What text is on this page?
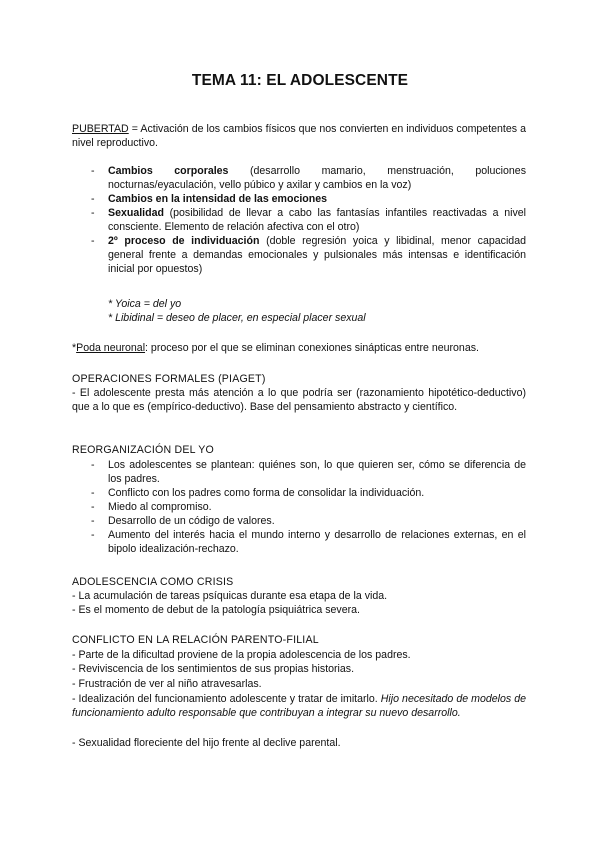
TEMA 11: EL ADOLESCENTE

PUBERTAD = Activación de los cambios físicos que nos convierten en individuos competentes a nivel reproductivo.

- Cambios corporales (desarrollo mamario, menstruación, poluciones nocturnas/eyaculación, vello púbico y axilar y cambios en la voz)
- Cambios en la intensidad de las emociones
- Sexualidad (posibilidad de llevar a cabo las fantasías infantiles reactivadas a nivel consciente. Elemento de relación afectiva con el otro)
- 2º proceso de individuación (doble regresión yoica y libidinal, menor capacidad general frente a demandas emocionales y pulsionales más intensas e identificación inicial por opuestos)
* Yoica = del yo
* Libidinal = deseo de placer, en especial placer sexual
*Poda neuronal: proceso por el que se eliminan conexiones sinápticas entre neuronas.
OPERACIONES FORMALES (PIAGET)

- El adolescente presta más atención a lo que podría ser (razonamiento hipotético-deductivo) que a lo que es (empírico-deductivo). Base del pensamiento abstracto y científico.

REORGANIZACIÓN DEL YO
- Los adolescentes se plantean: quiénes son, lo que quieren ser, cómo se diferencia de los padres.
- Conflicto con los padres como forma de consolidar la individuación.
- Miedo al compromiso.
- Desarrollo de un código de valores.
- Aumento del interés hacia el mundo interno y desarrollo de relaciones externas, en el bipolo idealización-rechazo.
ADOLESCENCIA COMO CRISIS
- La acumulación de tareas psíquicas durante esa etapa de la vida.
- Es el momento de debut de la patología psiquiátrica severa.
CONFLICTO EN LA RELACIÓN PARENTO-FILIAL
- Parte de la dificultad proviene de la propia adolescencia de los padres.
- Reviviscencia de los sentimientos de sus propias historias.
- Frustración de ver al niño atravesarlas.

- Idealización del funcionamiento adolescente y tratar de imitarlo. Hijo necesitado de modelos de funcionamiento adulto responsable que contribuyan a integrar su nuevo desarrollo.

- Sexualidad floreciente del hijo frente al declive parental.
